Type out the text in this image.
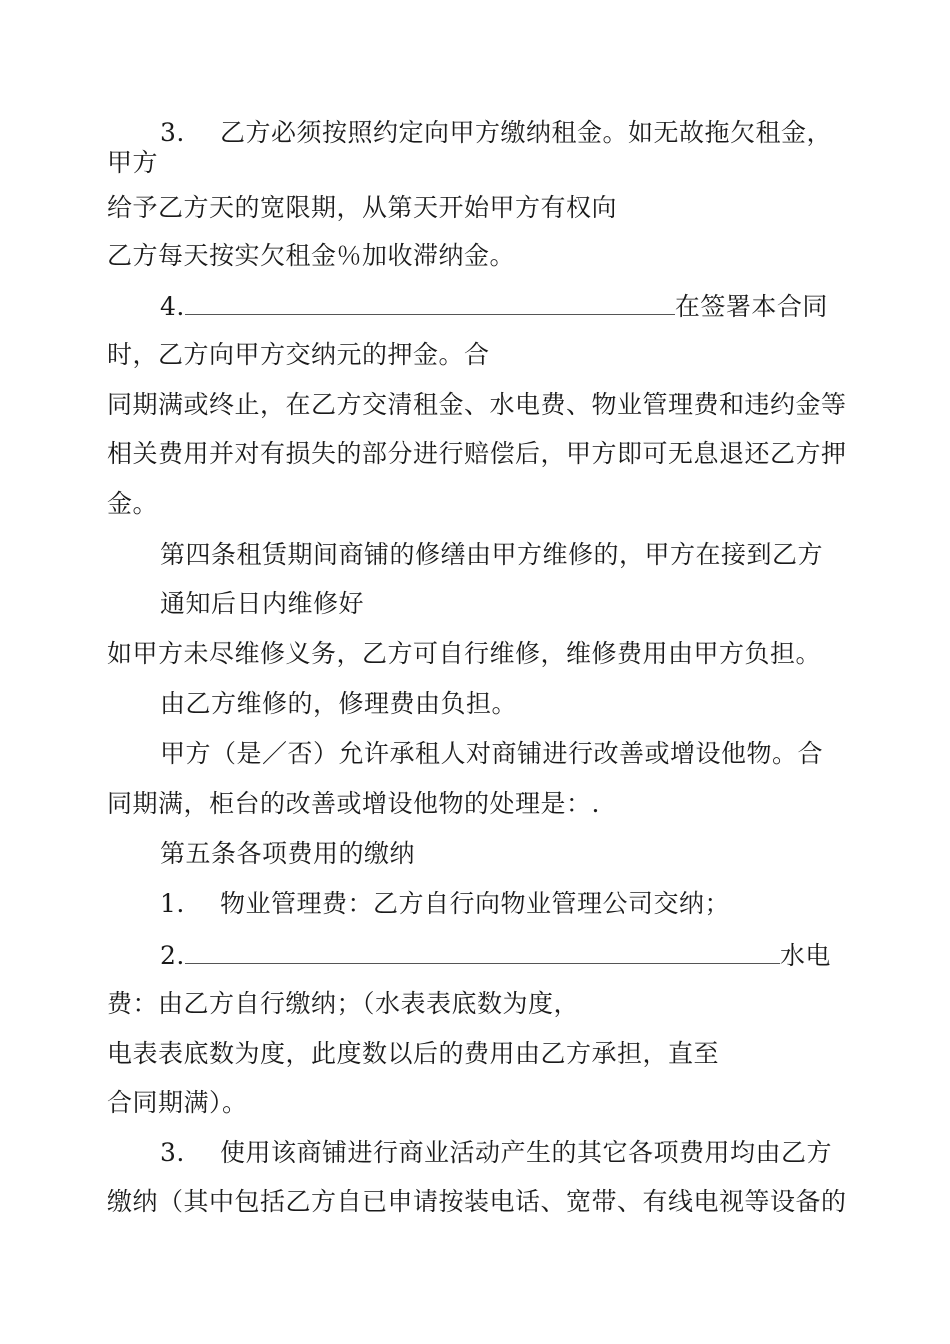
3. 乙方必须按照约定向甲方缴纳租金。如无故拖欠租金，
甲方
给予乙方天的宽限期，从第天开始甲方有权向
乙方每天按实欠租金％加收滞纳金。
4.	在签署本合同
时，乙方向甲方交纳元的押金。合
同期满或终止，在乙方交清租金、水电费、物业管理费和违约金等
相关费用并对有损失的部分进行赔偿后，甲方即可无息退还乙方押
金。
第四条租赁期间商铺的修缮由甲方维修的，甲方在接到乙方
通知后日内维修好
如甲方未尽维修义务，乙方可自行维修，维修费用由甲方负担。
由乙方维修的，修理费由负担。
甲方（是／否）允许承租人对商铺进行改善或增设他物。合
同期满，柜台的改善或增设他物的处理是：.
第五条各项费用的缴纳
1. 物业管理费：乙方自行向物业管理公司交纳；
2.	水电
费：由乙方自行缴纳；（水表表底数为度，
电表表底数为度，此度数以后的费用由乙方承担，直至
合同期满）。
3. 使用该商铺进行商业活动产生的其它各项费用均由乙方
缴纳（其中包括乙方自已申请按装电话、宽带、有线电视等设备的
